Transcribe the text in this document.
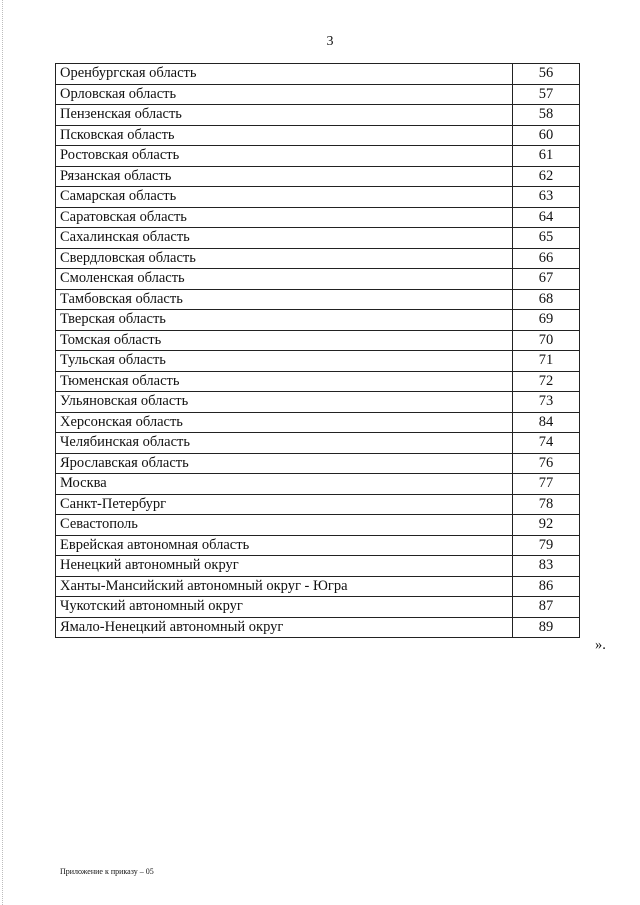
3
Оренбургская область	56
Орловская область	57
Пензенская область	58
Псковская область	60
Ростовская область	61
Рязанская область	62
Самарская область	63
Саратовская область	64
Сахалинская область	65
Свердловская область	66
Смоленская область	67
Тамбовская область	68
Тверская область	69
Томская область	70
Тульская область	71
Тюменская область	72
Ульяновская область	73
Херсонская область	84
Челябинская область	74
Ярославская область	76
Москва	77
Санкт-Петербург	78
Севастополь	92
Еврейская автономная область	79
Ненецкий автономный округ	83
Ханты-Мансийский автономный округ - Югра	86
Чукотский автономный округ	87
Ямало-Ненецкий автономный округ	89
».
Приложение к приказу – 05
